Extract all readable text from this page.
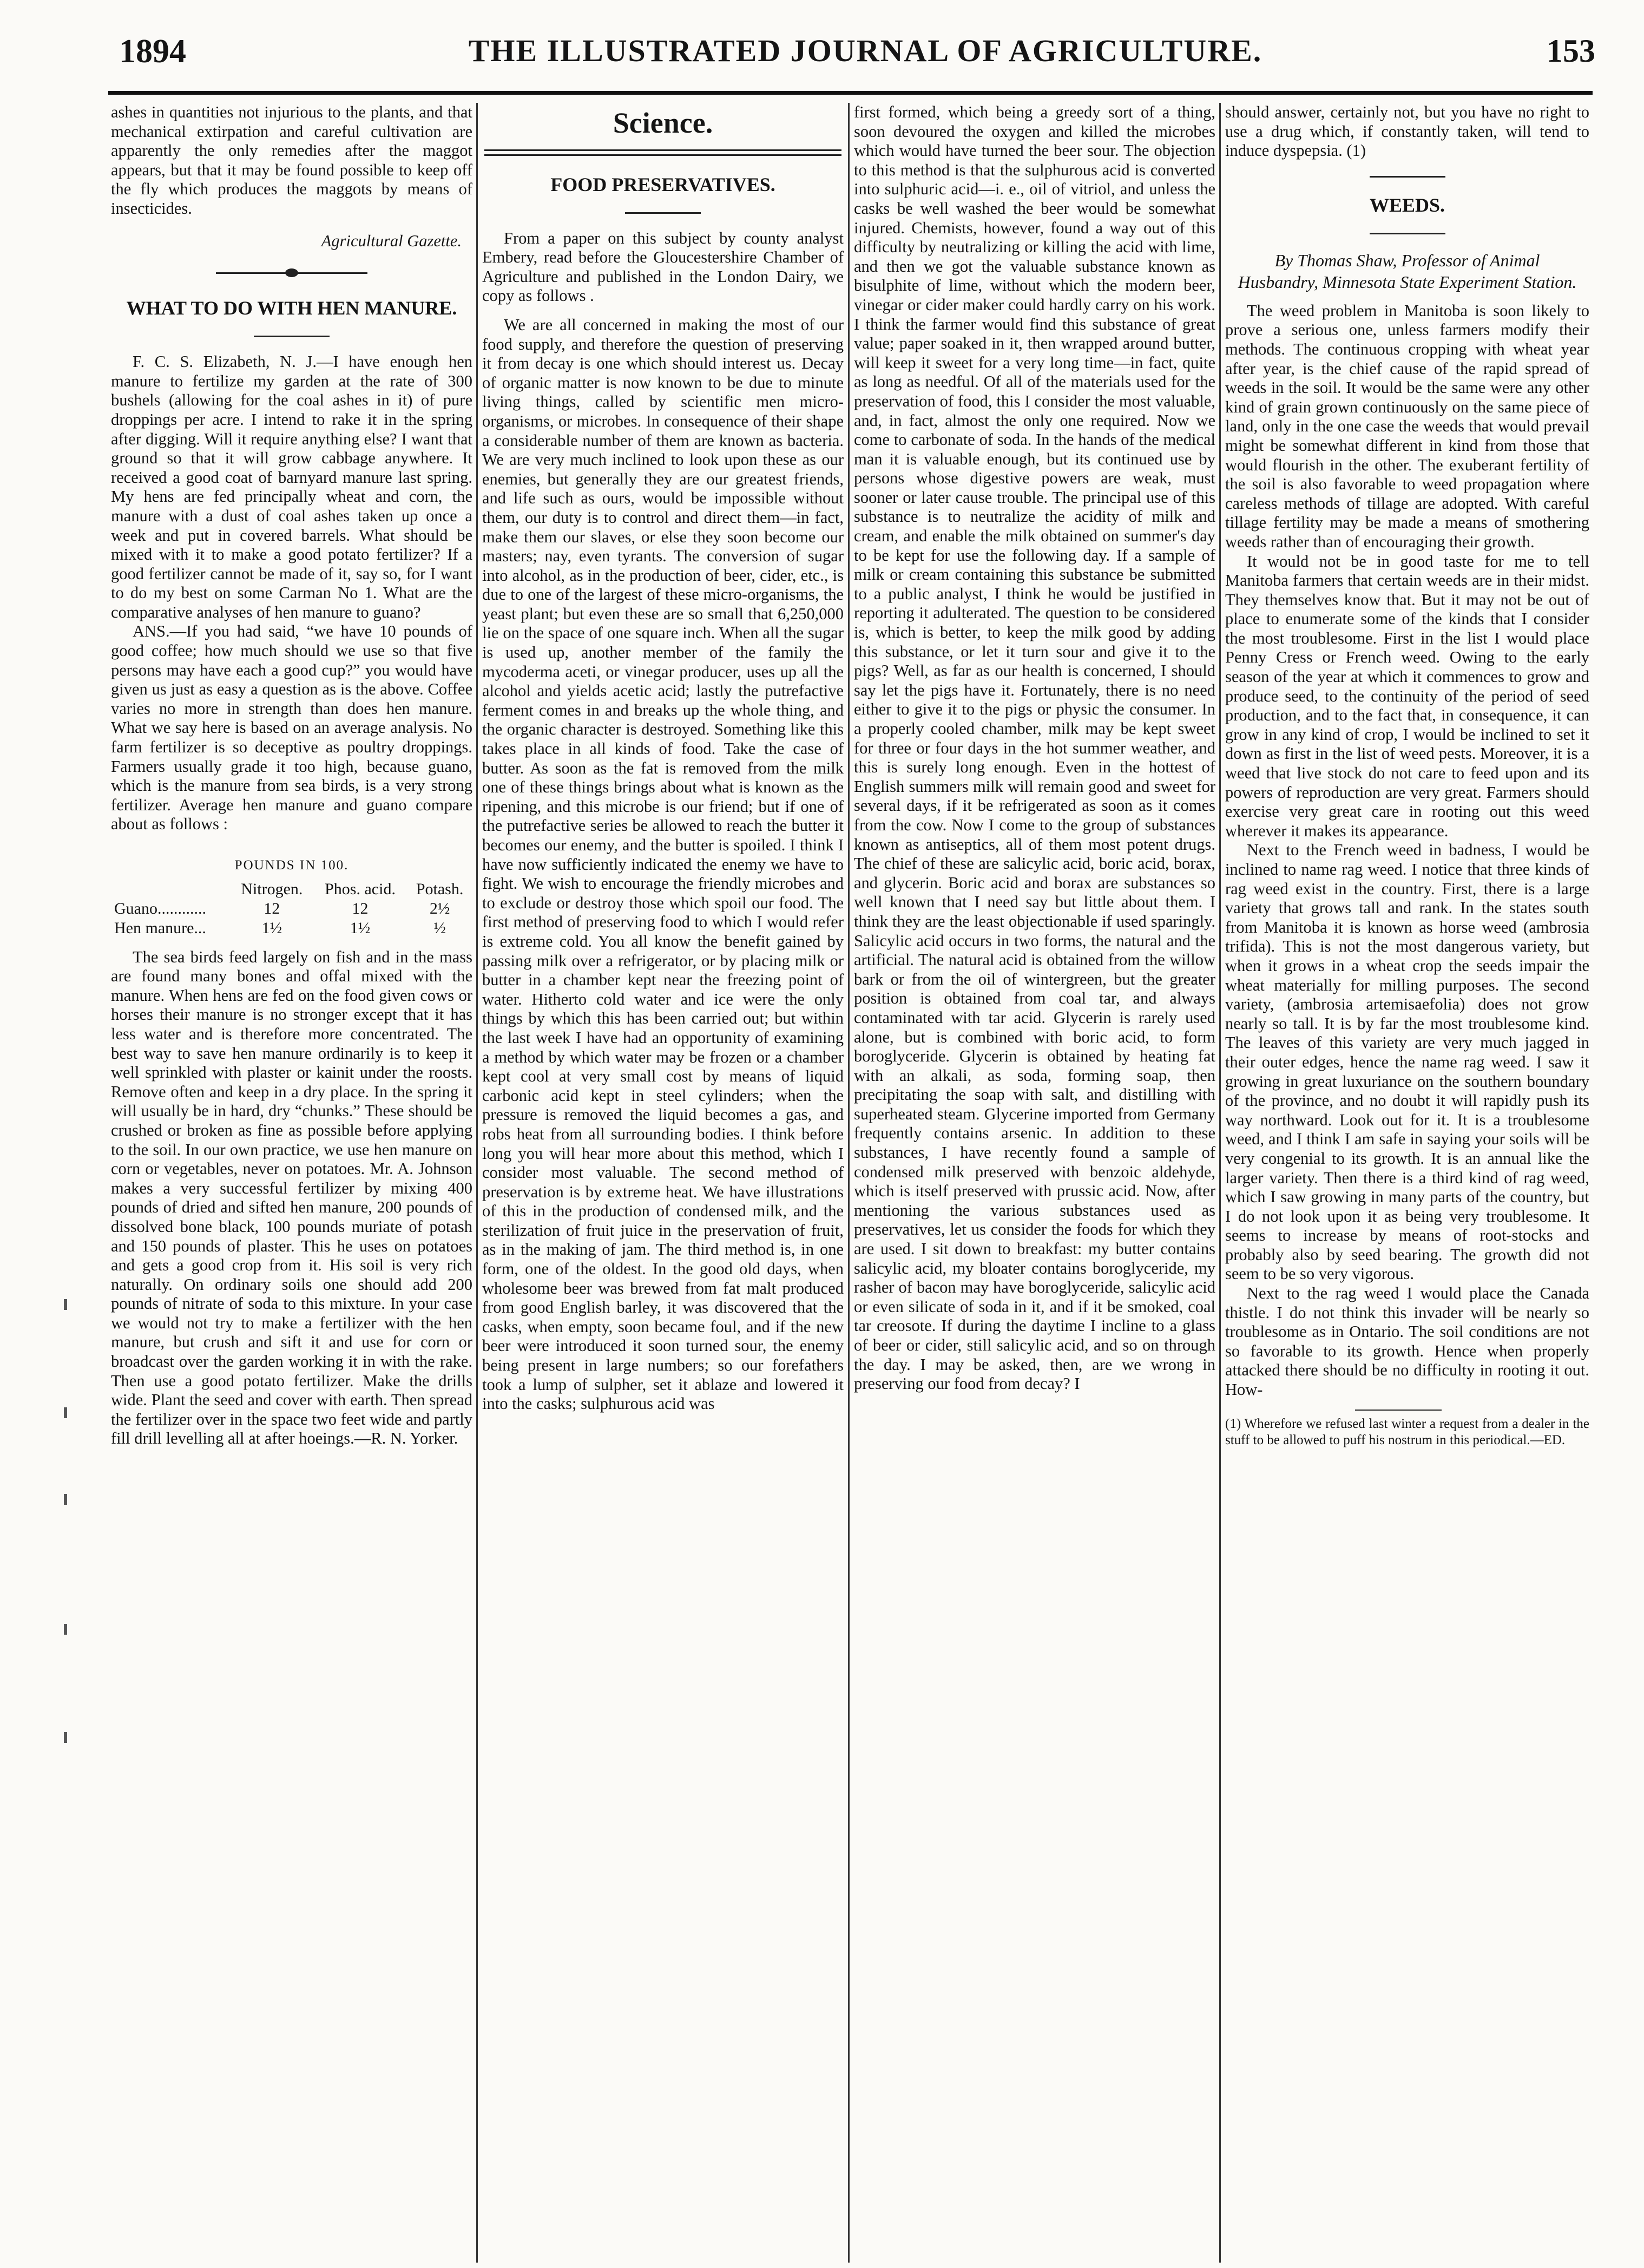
1894	THE ILLUSTRATED JOURNAL OF AGRICULTURE.	153

ashes in quantities not injurious to the plants, and that mechanical extirpation and careful cultivation are apparently the only remedies after the maggot appears, but that it may be found possible to keep off the fly which produces the maggots by means of insecticides.

Agricultural Gazette.
WHAT TO DO WITH HEN MANURE.

F. C. S. Elizabeth, N. J.—I have enough hen manure to fertilize my garden at the rate of 300 bushels (allowing for the coal ashes in it) of pure droppings per acre. I intend to rake it in the spring after digging. Will it require anything else? I want that ground so that it will grow cabbage anywhere. It received a good coat of barnyard manure last spring. My hens are fed principally wheat and corn, the manure with a dust of coal ashes taken up once a week and put in covered barrels. What should be mixed with it to make a good potato fertilizer? If a good fertilizer cannot be made of it, say so, for I want to do my best on some Carman No 1. What are the comparative analyses of hen manure to guano?

ANS.—If you had said, “we have 10 pounds of good coffee; how much should we use so that five persons may have each a good cup?” you would have given us just as easy a question as is the above. Coffee varies no more in strength than does hen manure. What we say here is based on an average analysis. No farm fertilizer is so deceptive as poultry droppings. Farmers usually grade it too high, because guano, which is the manure from sea birds, is a very strong fertilizer. Average hen manure and guano compare about as follows :

POUNDS IN 100.
	Nitrogen.	Phos. acid.	Potash.
Guano............	12	12	2½
Hen manure...	1½	1½	½

The sea birds feed largely on fish and in the mass are found many bones and offal mixed with the manure. When hens are fed on the food given cows or horses their manure is no stronger except that it has less water and is therefore more concentrated. The best way to save hen manure ordinarily is to keep it well sprinkled with plaster or kainit under the roosts. Remove often and keep in a dry place. In the spring it will usually be in hard, dry “chunks.” These should be crushed or broken as fine as possible before applying to the soil. In our own practice, we use hen manure on corn or vegetables, never on potatoes. Mr. A. Johnson makes a very successful fertilizer by mixing 400 pounds of dried and sifted hen manure, 200 pounds of dissolved bone black, 100 pounds muriate of potash and 150 pounds of plaster. This he uses on potatoes and gets a good crop from it. His soil is very rich naturally. On ordinary soils one should add 200 pounds of nitrate of soda to this mixture. In your case we would not try to make a fertilizer with the hen manure, but crush and sift it and use for corn or broadcast over the garden working it in with the rake. Then use a good potato fertilizer. Make the drills wide. Plant the seed and cover with earth. Then spread the fertilizer over in the space two feet wide and partly fill drill levelling all at after hoeings.—R. N. Yorker.

Science.
FOOD PRESERVATIVES.

From a paper on this subject by county analyst Embery, read before the Gloucestershire Chamber of Agriculture and published in the London Dairy, we copy as follows .

We are all concerned in making the most of our food supply, and therefore the question of preserving it from decay is one which should interest us. Decay of organic matter is now known to be due to minute living things, called by scientific men micro-organisms, or microbes. In consequence of their shape a considerable number of them are known as bacteria. We are very much inclined to look upon these as our enemies, but generally they are our greatest friends, and life such as ours, would be impossible without them, our duty is to control and direct them—in fact, make them our slaves, or else they soon become our masters; nay, even tyrants. The conversion of sugar into alcohol, as in the production of beer, cider, etc., is due to one of the largest of these micro-organisms, the yeast plant; but even these are so small that 6,250,000 lie on the space of one square inch. When all the sugar is used up, another member of the family the mycoderma aceti, or vinegar producer, uses up all the alcohol and yields acetic acid; lastly the putrefactive ferment comes in and breaks up the whole thing, and the organic character is destroyed. Something like this takes place in all kinds of food. Take the case of butter. As soon as the fat is removed from the milk one of these things brings about what is known as the ripening, and this microbe is our friend; but if one of the putrefactive series be allowed to reach the butter it becomes our enemy, and the butter is spoiled. I think I have now sufficiently indicated the enemy we have to fight. We wish to encourage the friendly microbes and to exclude or destroy those which spoil our food. The first method of preserving food to which I would refer is extreme cold. You all know the benefit gained by passing milk over a refrigerator, or by placing milk or butter in a chamber kept near the freezing point of water. Hitherto cold water and ice were the only things by which this has been carried out; but within the last week I have had an opportunity of examining a method by which water may be frozen or a chamber kept cool at very small cost by means of liquid carbonic acid kept in steel cylinders; when the pressure is removed the liquid becomes a gas, and robs heat from all surrounding bodies. I think before long you will hear more about this method, which I consider most valuable. The second method of preservation is by extreme heat. We have illustrations of this in the production of condensed milk, and the sterilization of fruit juice in the preservation of fruit, as in the making of jam. The third method is, in one form, one of the oldest. In the good old days, when wholesome beer was brewed from fat malt produced from good English barley, it was discovered that the casks, when empty, soon became foul, and if the new beer were introduced it soon turned sour, the enemy being present in large numbers; so our forefathers took a lump of sulpher, set it ablaze and lowered it into the casks; sulphurous acid was

first formed, which being a greedy sort of a thing, soon devoured the oxygen and killed the microbes which would have turned the beer sour. The objection to this method is that the sulphurous acid is converted into sulphuric acid—i. e., oil of vitriol, and unless the casks be well washed the beer would be somewhat injured. Chemists, however, found a way out of this difficulty by neutralizing or killing the acid with lime, and then we got the valuable substance known as bisulphite of lime, without which the modern beer, vinegar or cider maker could hardly carry on his work. I think the farmer would find this substance of great value; paper soaked in it, then wrapped around butter, will keep it sweet for a very long time—in fact, quite as long as needful. Of all of the materials used for the preservation of food, this I consider the most valuable, and, in fact, almost the only one required. Now we come to carbonate of soda. In the hands of the medical man it is valuable enough, but its continued use by persons whose digestive powers are weak, must sooner or later cause trouble. The principal use of this substance is to neutralize the acidity of milk and cream, and enable the milk obtained on summer's day to be kept for use the following day. If a sample of milk or cream containing this substance be submitted to a public analyst, I think he would be justified in reporting it adulterated. The question to be considered is, which is better, to keep the milk good by adding this substance, or let it turn sour and give it to the pigs? Well, as far as our health is concerned, I should say let the pigs have it. Fortunately, there is no need either to give it to the pigs or physic the consumer. In a properly cooled chamber, milk may be kept sweet for three or four days in the hot summer weather, and this is surely long enough. Even in the hottest of English summers milk will remain good and sweet for several days, if it be refrigerated as soon as it comes from the cow. Now I come to the group of substances known as antiseptics, all of them most potent drugs. The chief of these are salicylic acid, boric acid, borax, and glycerin. Boric acid and borax are substances so well known that I need say but little about them. I think they are the least objectionable if used sparingly. Salicylic acid occurs in two forms, the natural and the artificial. The natural acid is obtained from the willow bark or from the oil of wintergreen, but the greater position is obtained from coal tar, and always contaminated with tar acid. Glycerin is rarely used alone, but is combined with boric acid, to form boroglyceride. Glycerin is obtained by heating fat with an alkali, as soda, forming soap, then precipitating the soap with salt, and distilling with superheated steam. Glycerine imported from Germany frequently contains arsenic. In addition to these substances, I have recently found a sample of condensed milk preserved with benzoic aldehyde, which is itself preserved with prussic acid. Now, after mentioning the various substances used as preservatives, let us consider the foods for which they are used. I sit down to breakfast: my butter contains salicylic acid, my bloater contains boroglyceride, my rasher of bacon may have boroglyceride, salicylic acid or even silicate of soda in it, and if it be smoked, coal tar creosote. If during the daytime I incline to a glass of beer or cider, still salicylic acid, and so on through the day. I may be asked, then, are we wrong in preserving our food from decay? I

should answer, certainly not, but you have no right to use a drug which, if constantly taken, will tend to induce dyspepsia. (1)

WEEDS.
By Thomas Shaw, Professor of Animal Husbandry, Minnesota State Experiment Station.

The weed problem in Manitoba is soon likely to prove a serious one, unless farmers modify their methods. The continuous cropping with wheat year after year, is the chief cause of the rapid spread of weeds in the soil. It would be the same were any other kind of grain grown continuously on the same piece of land, only in the one case the weeds that would prevail might be somewhat different in kind from those that would flourish in the other. The exuberant fertility of the soil is also favorable to weed propagation where careless methods of tillage are adopted. With careful tillage fertility may be made a means of smothering weeds rather than of encouraging their growth.

It would not be in good taste for me to tell Manitoba farmers that certain weeds are in their midst. They themselves know that. But it may not be out of place to enumerate some of the kinds that I consider the most troublesome. First in the list I would place Penny Cress or French weed. Owing to the early season of the year at which it commences to grow and produce seed, to the continuity of the period of seed production, and to the fact that, in consequence, it can grow in any kind of crop, I would be inclined to set it down as first in the list of weed pests. Moreover, it is a weed that live stock do not care to feed upon and its powers of reproduction are very great. Farmers should exercise very great care in rooting out this weed wherever it makes its appearance.

Next to the French weed in badness, I would be inclined to name rag weed. I notice that three kinds of rag weed exist in the country. First, there is a large variety that grows tall and rank. In the states south from Manitoba it is known as horse weed (ambrosia trifida). This is not the most dangerous variety, but when it grows in a wheat crop the seeds impair the wheat materially for milling purposes. The second variety, (ambrosia artemisaefolia) does not grow nearly so tall. It is by far the most troublesome kind. The leaves of this variety are very much jagged in their outer edges, hence the name rag weed. I saw it growing in great luxuriance on the southern boundary of the province, and no doubt it will rapidly push its way northward. Look out for it. It is a troublesome weed, and I think I am safe in saying your soils will be very congenial to its growth. It is an annual like the larger variety. Then there is a third kind of rag weed, which I saw growing in many parts of the country, but I do not look upon it as being very troublesome. It seems to increase by means of root-stocks and probably also by seed bearing. The growth did not seem to be so very vigorous.

Next to the rag weed I would place the Canada thistle. I do not think this invader will be nearly so troublesome as in Ontario. The soil conditions are not so favorable to its growth. Hence when properly attacked there should be no difficulty in rooting it out. How-

(1) Wherefore we refused last winter a request from a dealer in the stuff to be allowed to puff his nostrum in this periodical.—ED.
